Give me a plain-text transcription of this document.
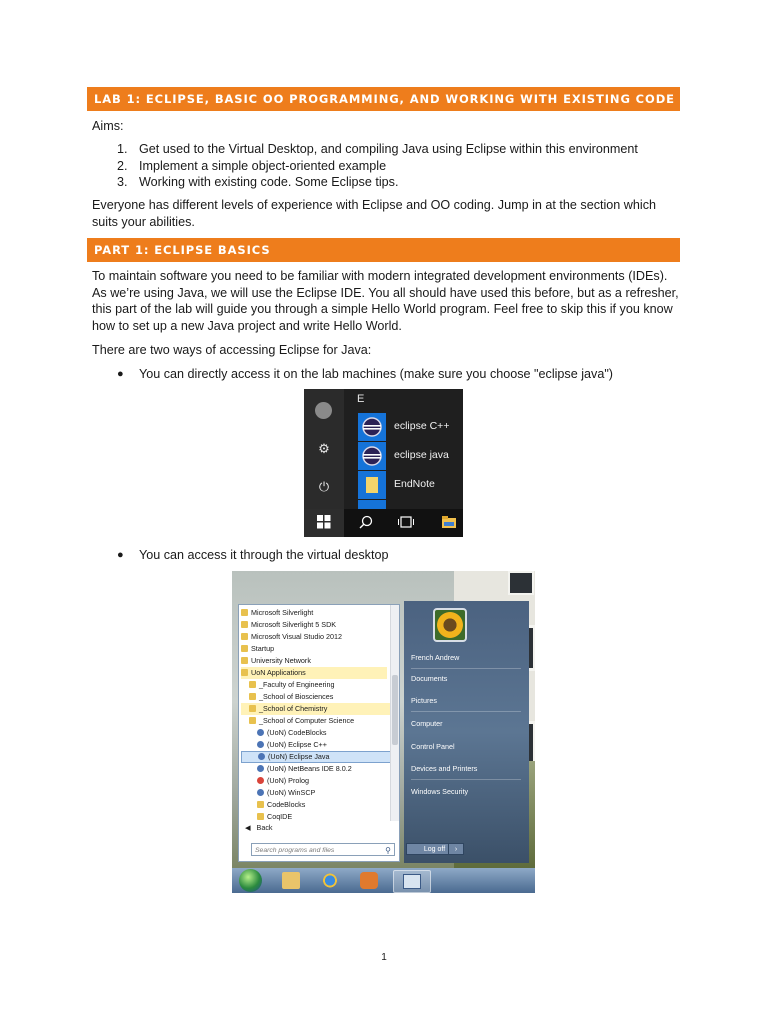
LAB 1: ECLIPSE, BASIC OO PROGRAMMING, AND WORKING WITH EXISTING CODE
Aims:
1. Get used to the Virtual Desktop, and compiling Java using Eclipse within this environment
2. Implement a simple object-oriented example
3. Working with existing code. Some Eclipse tips.
Everyone has different levels of experience with Eclipse and OO coding. Jump in at the section which suits your abilities.
PART 1: ECLIPSE BASICS
To maintain software you need to be familiar with modern integrated development environments (IDEs). As we’re using Java, we will use the Eclipse IDE. You all should have used this before, but as a refresher, this part of the lab will guide you through a simple Hello World program. Feel free to skip this if you know how to set up a new Java project and write Hello World.
There are two ways of accessing Eclipse for Java:
●	You can directly access it on the lab machines (make sure you choose "eclipse java")
⚙
⏻
E
eclipse C++
eclipse java
EndNote
●	You can access it through the virtual desktop
Microsoft Silverlight
Microsoft Silverlight 5 SDK
Microsoft Visual Studio 2012
Startup
University Network
UoN Applications
_Faculty of Engineering
_School of Biosciences
_School of Chemistry
_School of Computer Science
(UoN) CodeBlocks
(UoN) Eclipse C++
(UoN) Eclipse Java
(UoN) NetBeans IDE 8.0.2
(UoN) Prolog
(UoN) WinSCP
CodeBlocks
CoqIDE
◀ Back
Search programs and files	⚲
French Andrew
Documents
Pictures
Computer
Control Panel
Devices and Printers
Windows Security
Log off	›
1
